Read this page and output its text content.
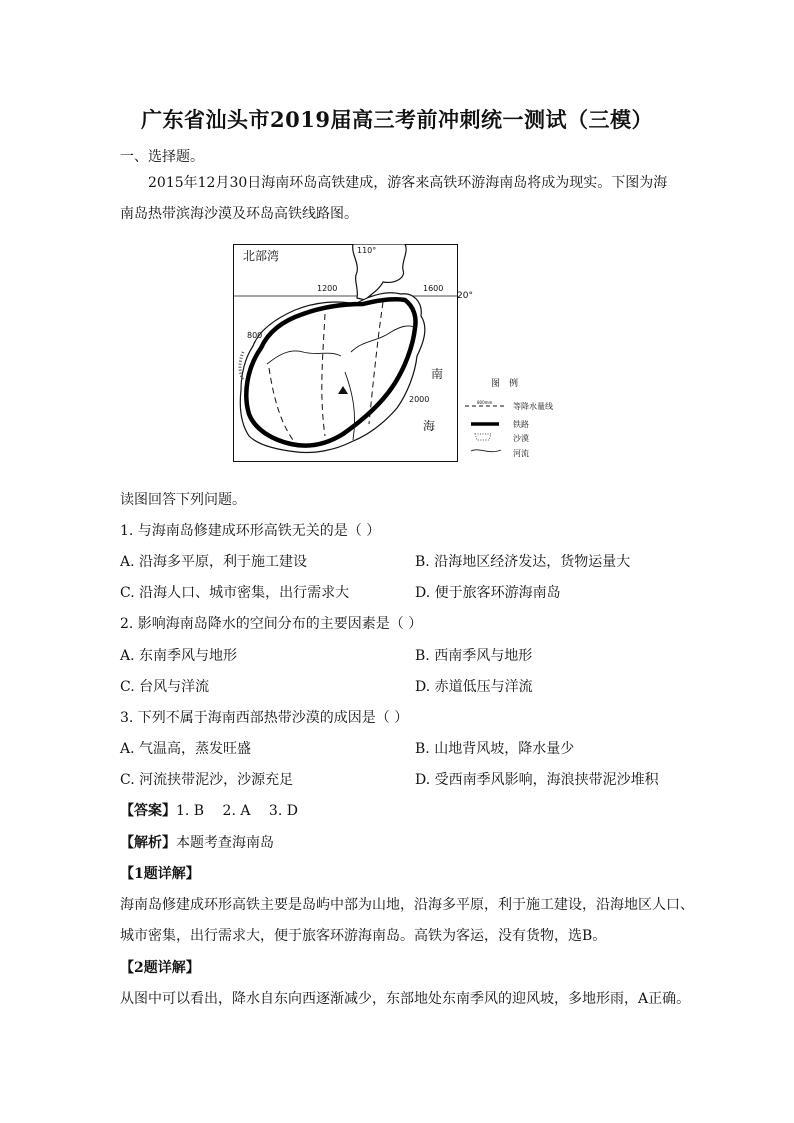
广东省汕头市2019届高三考前冲刺统一测试（三模）
一、选择题。
2015年12月30日海南环岛高铁建成，游客来高铁环游海南岛将成为现实。下图为海南岛热带滨海沙漠及环岛高铁线路图。
北部湾	110°
20°
1200	1600
800
2000
南
海
图　例
800mm	等降水量线
铁路
沙漠
河流
读图回答下列问题。
1. 与海南岛修建成环形高铁无关的是（ ）
A. 沿海多平原，利于施工建设	B. 沿海地区经济发达，货物运量大
C. 沿海人口、城市密集，出行需求大	D. 便于旅客环游海南岛
2. 影响海南岛降水的空间分布的主要因素是（ ）
A. 东南季风与地形	B. 西南季风与地形
C. 台风与洋流	D. 赤道低压与洋流
3. 下列不属于海南西部热带沙漠的成因是（ ）
A. 气温高，蒸发旺盛	B. 山地背风坡，降水量少
C. 河流挟带泥沙，沙源充足	D. 受西南季风影响，海浪挟带泥沙堆积
【答案】1. B　 2. A　 3. D
【解析】本题考查海南岛
【1题详解】
海南岛修建成环形高铁主要是岛屿中部为山地，沿海多平原，利于施工建设，沿海地区人口、
城市密集，出行需求大，便于旅客环游海南岛。高铁为客运，没有货物，选B。
【2题详解】
从图中可以看出，降水自东向西逐渐减少，东部地处东南季风的迎风坡，多地形雨，A正确。
